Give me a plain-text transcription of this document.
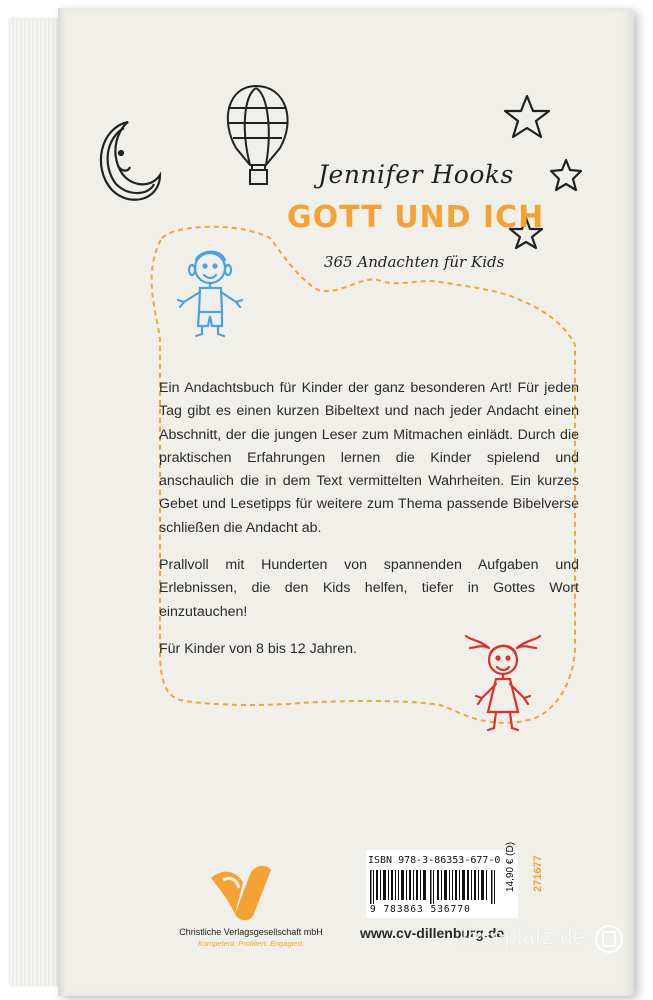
Jennifer Hooks
GOTT UND ICH
365 Andachten für Kids

Ein Andachtsbuch für Kinder der ganz besonderen Art! Für jeden Tag gibt es einen kurzen Bibeltext und nach jeder Andacht einen Abschnitt, der die jungen Leser zum Mitmachen einlädt. Durch die praktischen Erfahrungen lernen die Kinder spielend und anschaulich die in dem Text vermittelten Wahrheiten. Ein kurzes Gebet und Lesetipps für weitere zum Thema passende Bibelverse schließen die Andacht ab.

Prallvoll mit Hunderten von spannenden Aufgaben und Erlebnissen, die den Kids helfen, tiefer in Gottes Wort einzutauchen!

Für Kinder von 8 bis 12 Jahren.

Christliche Verlagsgesellschaft mbH
Kompetent. Profiliert. Engagiert.
ISBN 978-3-86353-677-0
9 783863 536770
14,90 € (D) 271677
www.cv-dillenburg.de
leseplatz.de
